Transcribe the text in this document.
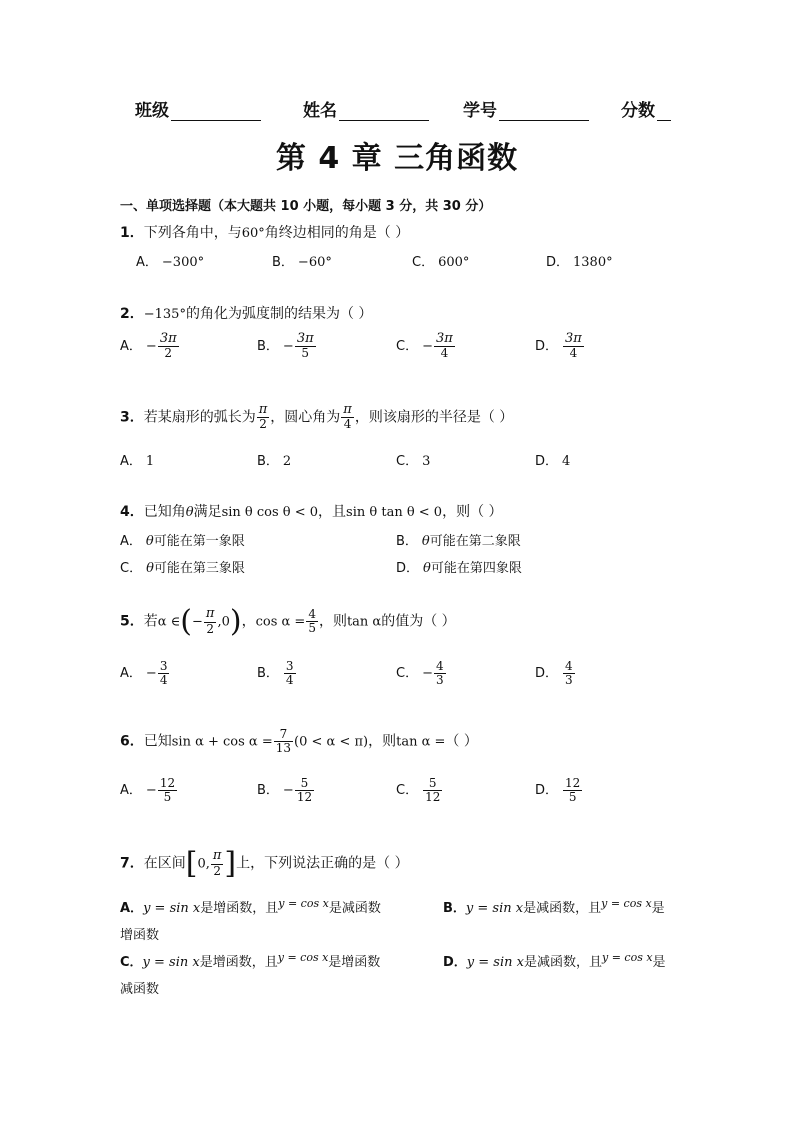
班级	姓名	学号	分数
第 4 章 三角函数
一、单项选择题（本大题共 10 小题，每小题 3 分，共 30 分）
1．下列各角中，与60°角终边相同的角是（ ）
A． −300°	B． −60°	C． 600°	D． 1380°
2．−135°的角化为弧度制的结果为（ ）
A． − $\frac{3\pi}{2}$	B． − $\frac{3\pi}{5}$	C． − $\frac{3\pi}{4}$	D． $\frac{3\pi}{4}$
3．若某扇形的弧长为 $\frac{\pi}{2}$ ，圆心角为 $\frac{\pi}{4}$ ，则该扇形的半径是（ ）
A． 1	B． 2	C． 3	D． 4
4．已知角θ满足sin θ cos θ < 0，且sin θ tan θ < 0，则（ ）
A． θ可能在第一象限	B． θ可能在第二象限
C． θ可能在第三象限	D． θ可能在第四象限
5．若α ∈(− $\frac{\pi}{2} ,0$)，$\cos \alpha = \frac{4}{5}$ ，则tan α的值为（ ）
A． − $\frac{3}{4}$	B． $\frac{3}{4}$	C． − $\frac{4}{3}$	D． $\frac{4}{3}$
6．已知$\sin \alpha + \cos \alpha = \frac{7}{13} (0 < \alpha < \pi)$，则tan α =（ ）
A． − $\frac{12}{5}$	B． − $\frac{5}{12}$	C． $\frac{5}{12}$	D． $\frac{12}{5}$
7．在区间[0, $\frac{\pi}{2}$ ]上，下列说法正确的是（ ）
A．y = sin x是增函数，且$^{y = cos x}$是减函数	B．y = sin x是减函数，且$^{y = cos x}$是
增函数
C．y = sin x是增函数，且$^{y = cos x}$是增函数	D．y = sin x是减函数，且$^{y = cos x}$是
减函数
